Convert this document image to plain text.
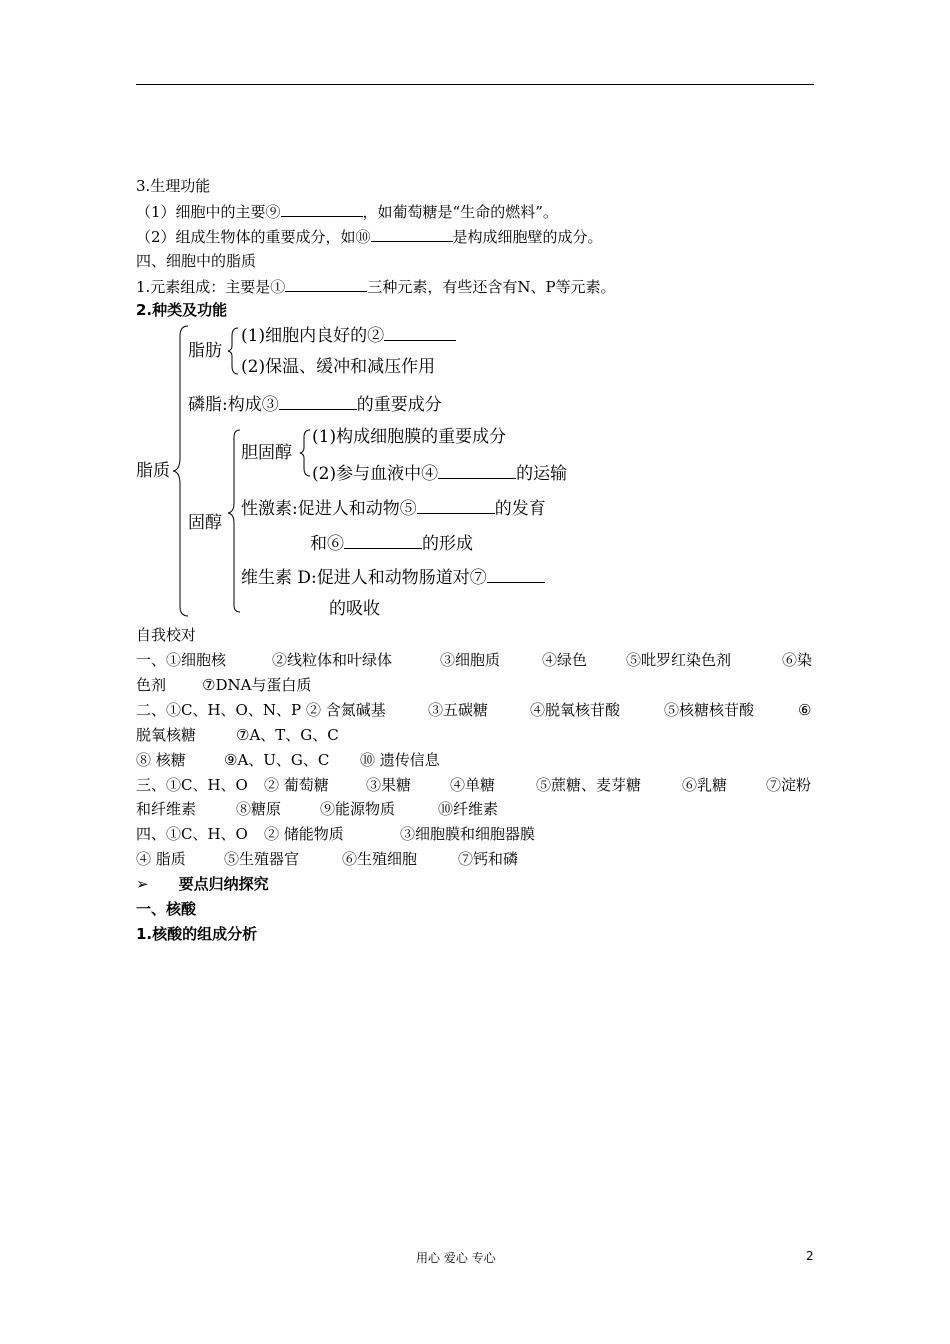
3.生理功能
（1）细胞中的主要⑨	，如葡萄糖是“生命的燃料”。
（2）组成生物体的重要成分，如⑩	是构成细胞壁的成分。
四、细胞中的脂质
1.元素组成：主要是①	三种元素，有些还含有N、P等元素。
2.种类及功能
脂质
脂肪
(1)细胞内良好的②
(2)保温、缓冲和减压作用
磷脂:构成③	的重要成分
固醇
胆固醇
(1)构成细胞膜的重要成分
(2)参与血液中④	的运输
性激素:促进人和动物⑤	的发育
和⑥	的形成
维生素 D:促进人和动物肠道对⑦
的吸收
自我校对
一、①细胞核	②线粒体和叶绿体	③细胞质	④绿色	⑤吡罗红染色剂	⑥染
色剂 ⑦DNA与蛋白质
二、①C、H、O、N、P ② 含氮碱基	③五碳糖	④脱氧核苷酸	⑤核糖核苷酸	⑥
脱氧核糖	⑦A、T、G、C
⑧ 核糖	⑨A、U、G、C ⑩ 遗传信息
三、①C、H、O ② 葡萄糖 ③果糖	④单糖	⑤蔗糖、麦芽糖	⑥乳糖	⑦淀粉
和纤维素	⑧糖原	⑨能源物质	⑩纤维素
四、①C、H、O ② 储能物质	③细胞膜和细胞器膜
④ 脂质	⑤生殖器官	⑥生殖细胞	⑦钙和磷
➢ 要点归纳探究
一、核酸
1.核酸的组成分析
用心 爱心 专心	2
